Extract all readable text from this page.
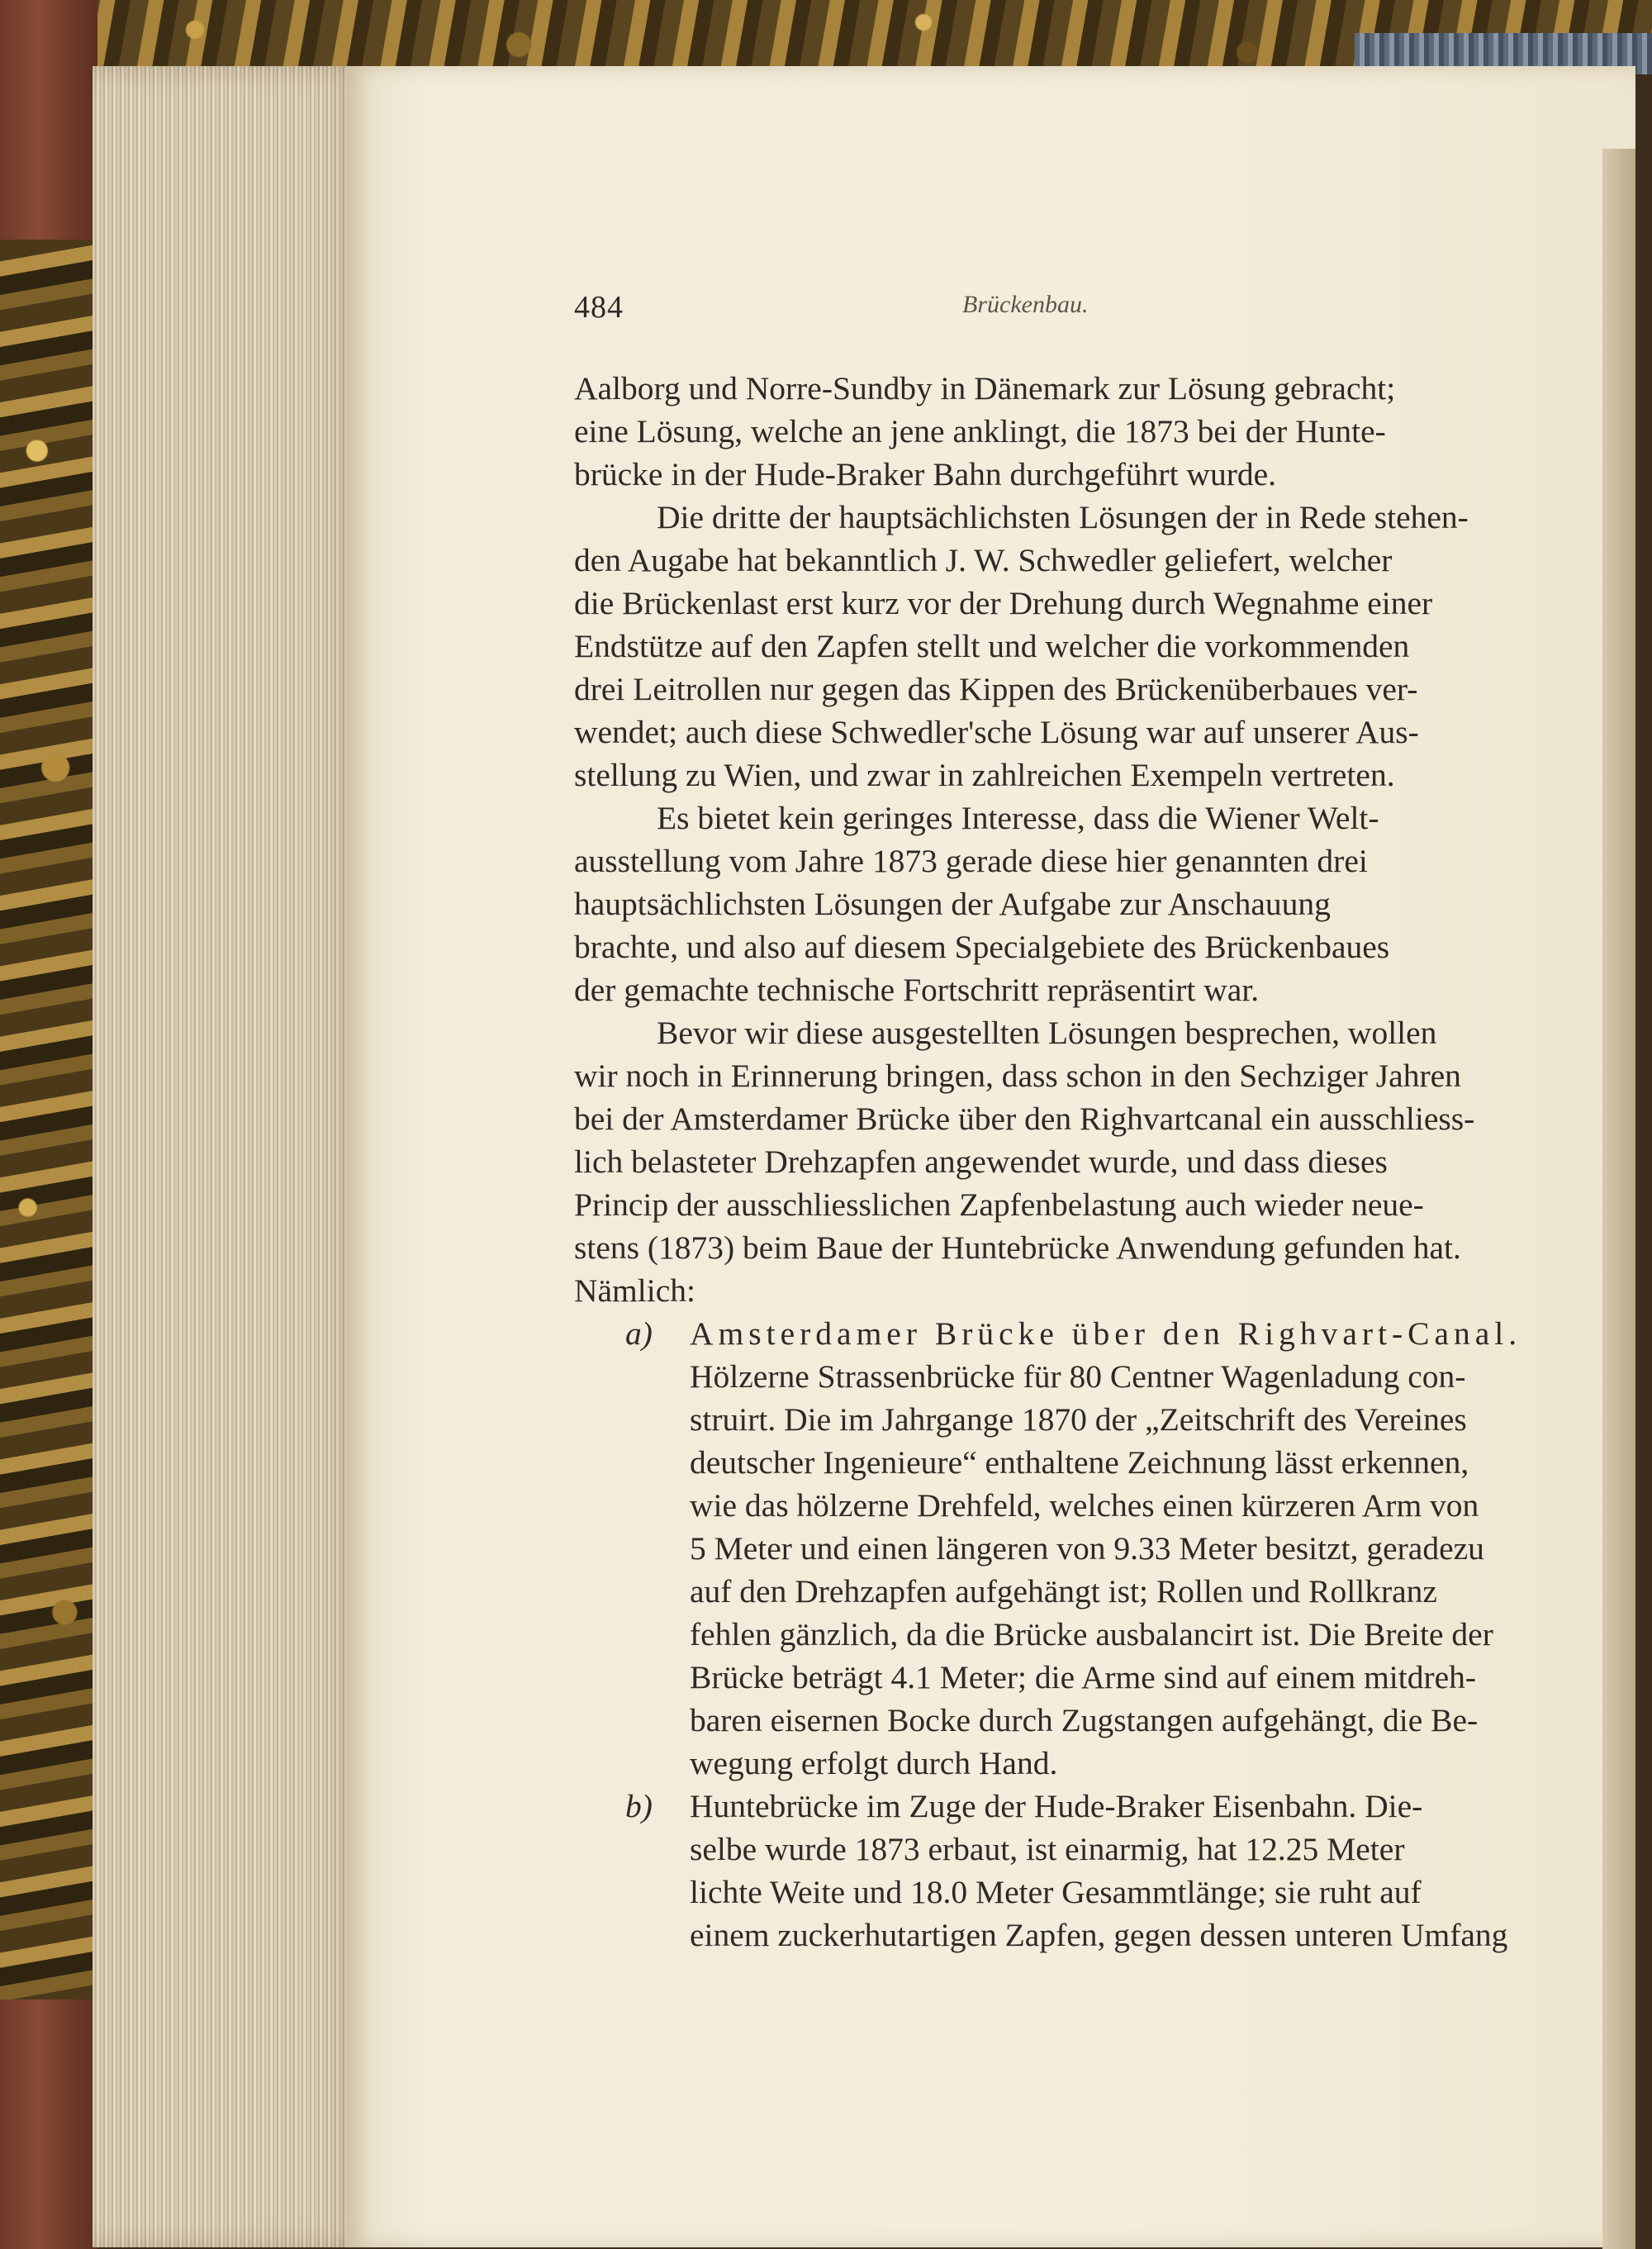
484	Brückenbau.

Aalborg und Norre-Sundby in Dänemark zur Lösung gebracht;
eine Lösung, welche an jene anklingt, die 1873 bei der Hunte-
brücke in der Hude-Braker Bahn durchgeführt wurde.

Die dritte der hauptsächlichsten Lösungen der in Rede stehen-
den Augabe hat bekanntlich J. W. Schwedler geliefert, welcher
die Brückenlast erst kurz vor der Drehung durch Wegnahme einer
Endstütze auf den Zapfen stellt und welcher die vorkommenden
drei Leitrollen nur gegen das Kippen des Brückenüberbaues ver-
wendet; auch diese Schwedler'sche Lösung war auf unserer Aus-
stellung zu Wien, und zwar in zahlreichen Exempeln vertreten.

Es bietet kein geringes Interesse, dass die Wiener Welt-
ausstellung vom Jahre 1873 gerade diese hier genannten drei
hauptsächlichsten Lösungen der Aufgabe zur Anschauung
brachte, und also auf diesem Specialgebiete des Brückenbaues
der gemachte technische Fortschritt repräsentirt war.

Bevor wir diese ausgestellten Lösungen besprechen, wollen
wir noch in Erinnerung bringen, dass schon in den Sechziger Jahren
bei der Amsterdamer Brücke über den Righvartcanal ein ausschliess-
lich belasteter Drehzapfen angewendet wurde, und dass dieses
Princip der ausschliesslichen Zapfenbelastung auch wieder neue-
stens (1873) beim Baue der Huntebrücke Anwendung gefunden hat.
Nämlich:

a) Amsterdamer Brücke über den Righvart-Canal.
Hölzerne Strassenbrücke für 80 Centner Wagenladung con-
struirt. Die im Jahrgange 1870 der „Zeitschrift des Vereines
deutscher Ingenieure“ enthaltene Zeichnung lässt erkennen,
wie das hölzerne Drehfeld, welches einen kürzeren Arm von
5 Meter und einen längeren von 9.33 Meter besitzt, geradezu
auf den Drehzapfen aufgehängt ist; Rollen und Rollkranz
fehlen gänzlich, da die Brücke ausbalancirt ist. Die Breite der
Brücke beträgt 4.1 Meter; die Arme sind auf einem mitdreh-
baren eisernen Bocke durch Zugstangen aufgehängt, die Be-
wegung erfolgt durch Hand.

b) Huntebrücke im Zuge der Hude-Braker Eisenbahn. Die-
selbe wurde 1873 erbaut, ist einarmig, hat 12.25 Meter
lichte Weite und 18.0 Meter Gesammtlänge; sie ruht auf
einem zuckerhutartigen Zapfen, gegen dessen unteren Umfang
